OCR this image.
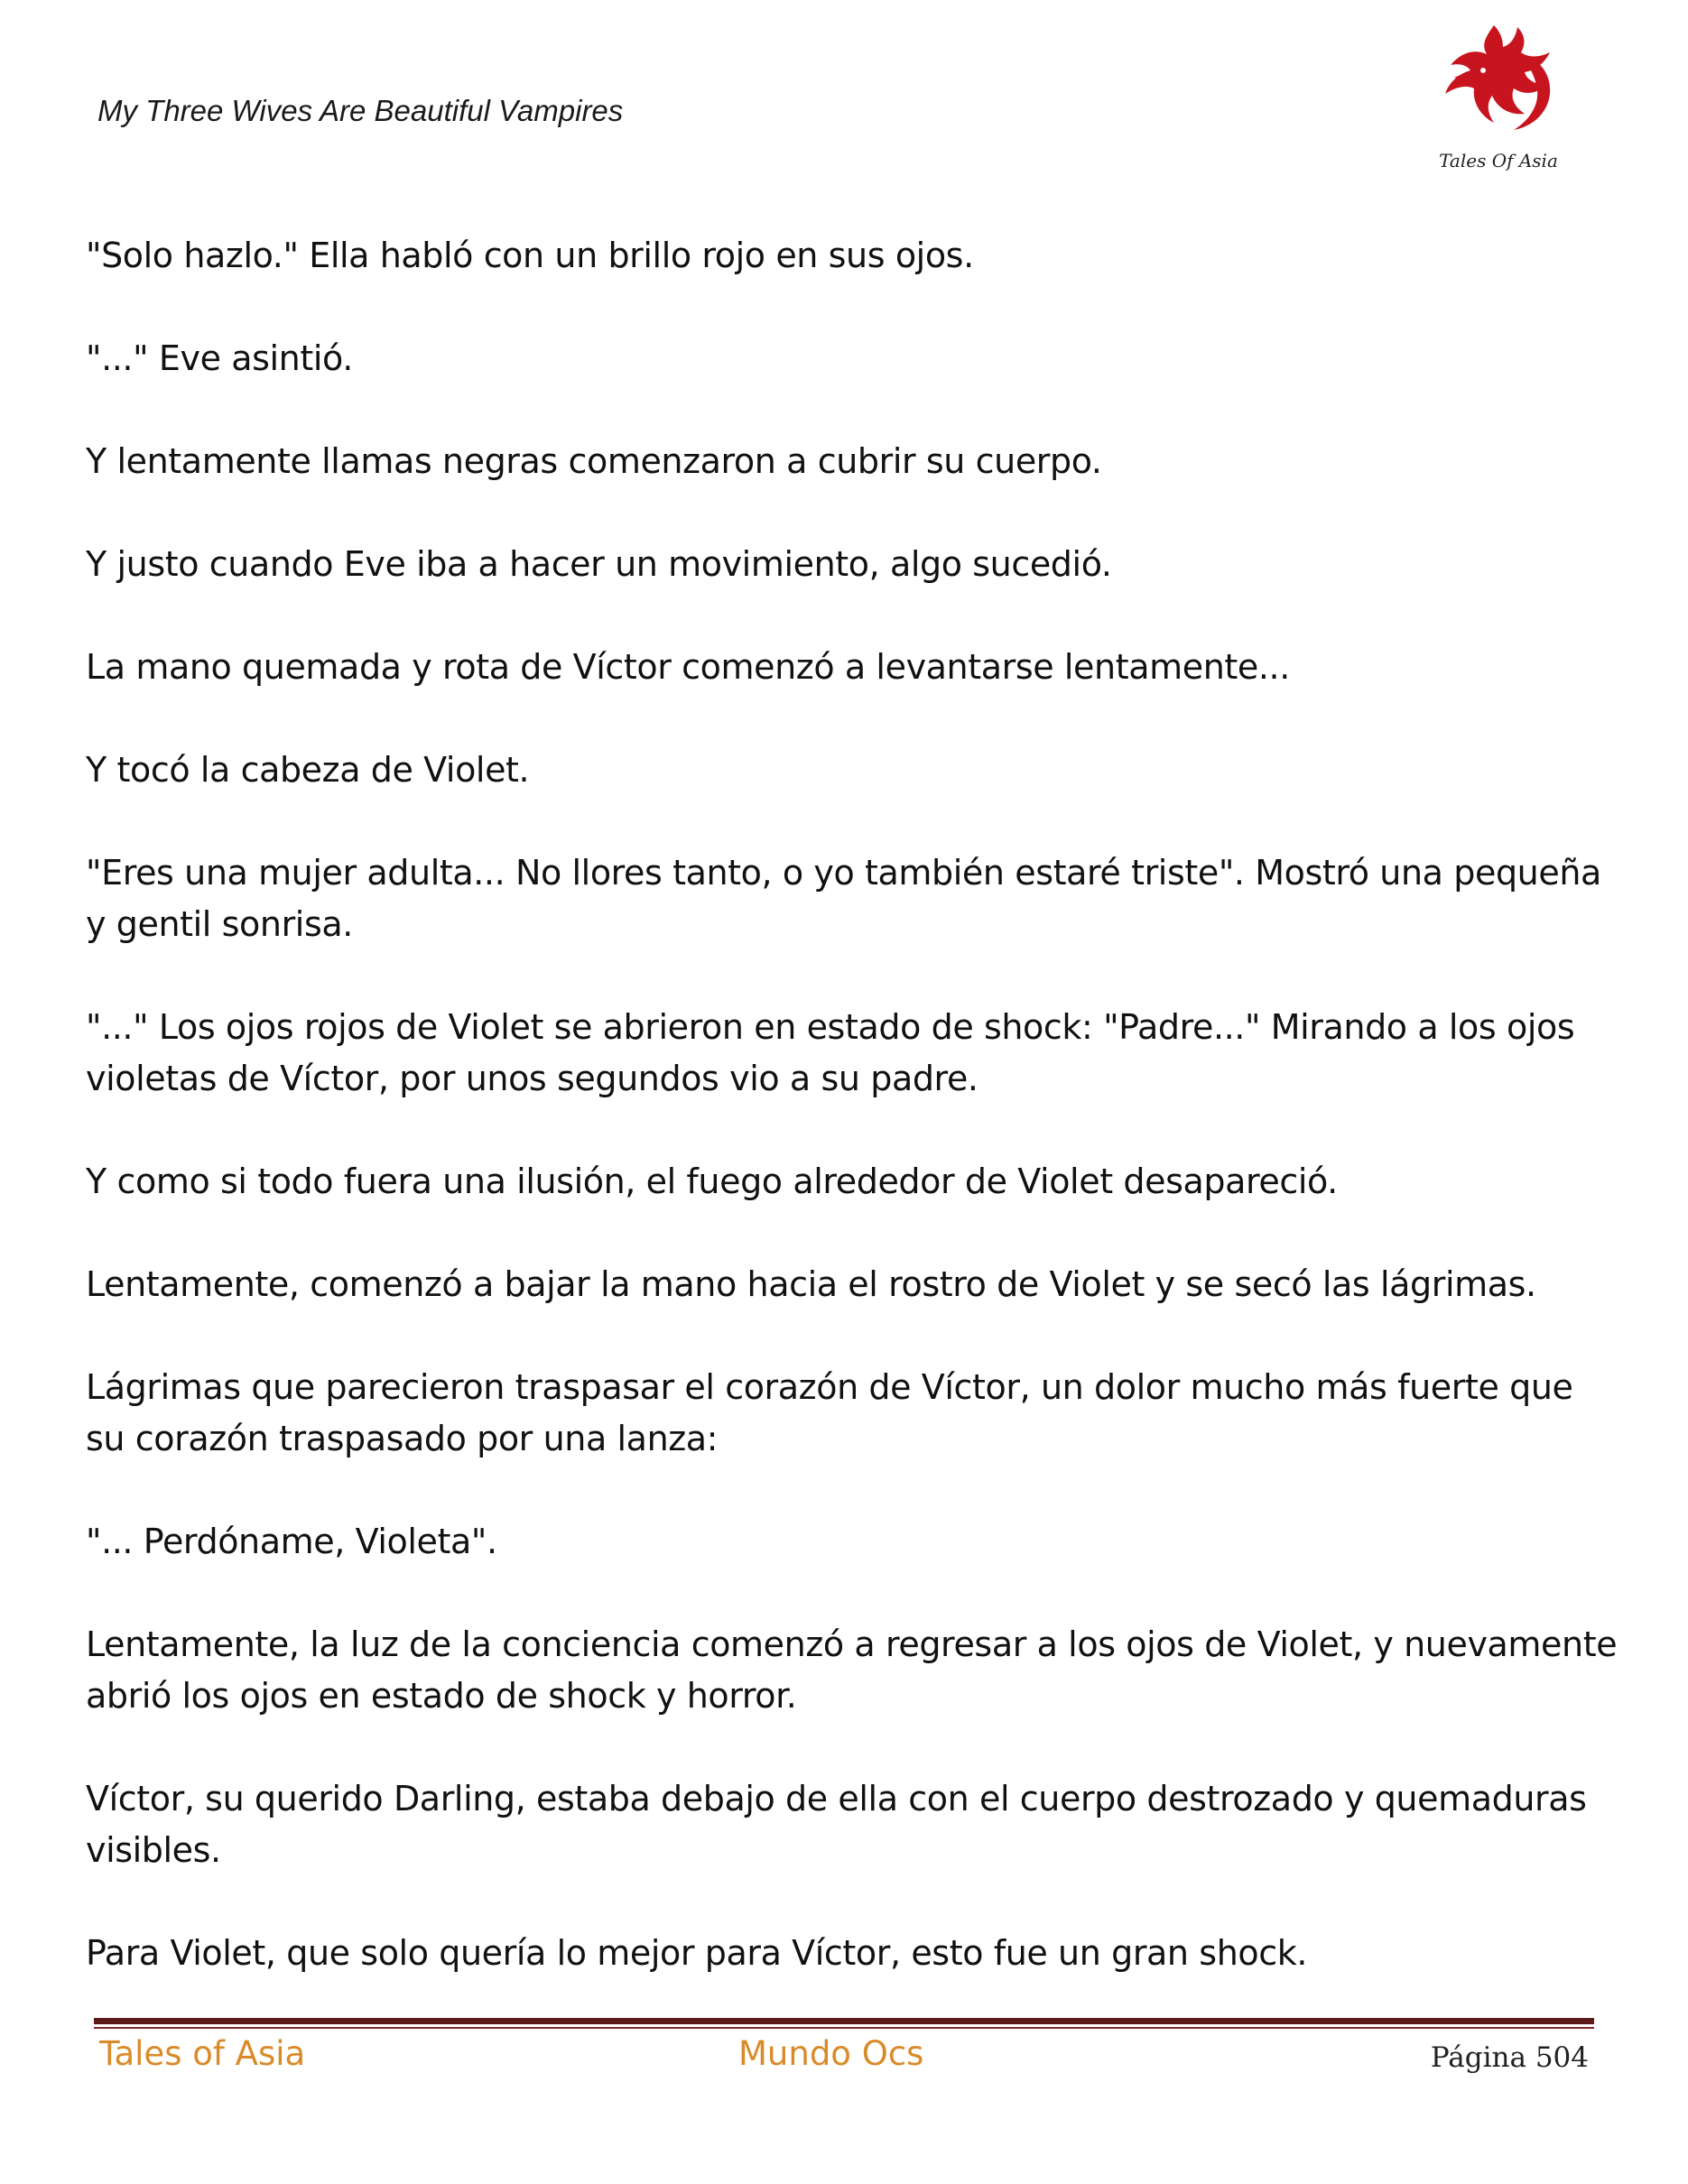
My Three Wives Are Beautiful Vampires
Tales Of Asia

"Solo hazlo." Ella habló con un brillo rojo en sus ojos.

"..." Eve asintió.

Y lentamente llamas negras comenzaron a cubrir su cuerpo.

Y justo cuando Eve iba a hacer un movimiento, algo sucedió.

La mano quemada y rota de Víctor comenzó a levantarse lentamente...

Y tocó la cabeza de Violet.

"Eres una mujer adulta... No llores tanto, o yo también estaré triste". Mostró una pequeña y gentil sonrisa.

"..." Los ojos rojos de Violet se abrieron en estado de shock: "Padre..." Mirando a los ojos violetas de Víctor, por unos segundos vio a su padre.

Y como si todo fuera una ilusión, el fuego alrededor de Violet desapareció.

Lentamente, comenzó a bajar la mano hacia el rostro de Violet y se secó las lágrimas.

Lágrimas que parecieron traspasar el corazón de Víctor, un dolor mucho más fuerte que su corazón traspasado por una lanza:

"... Perdóname, Violeta".

Lentamente, la luz de la conciencia comenzó a regresar a los ojos de Violet, y nuevamente abrió los ojos en estado de shock y horror.

Víctor, su querido Darling, estaba debajo de ella con el cuerpo destrozado y quemaduras visibles.

Para Violet, que solo quería lo mejor para Víctor, esto fue un gran shock.

Tales of Asia	Mundo Ocs	Página 504
